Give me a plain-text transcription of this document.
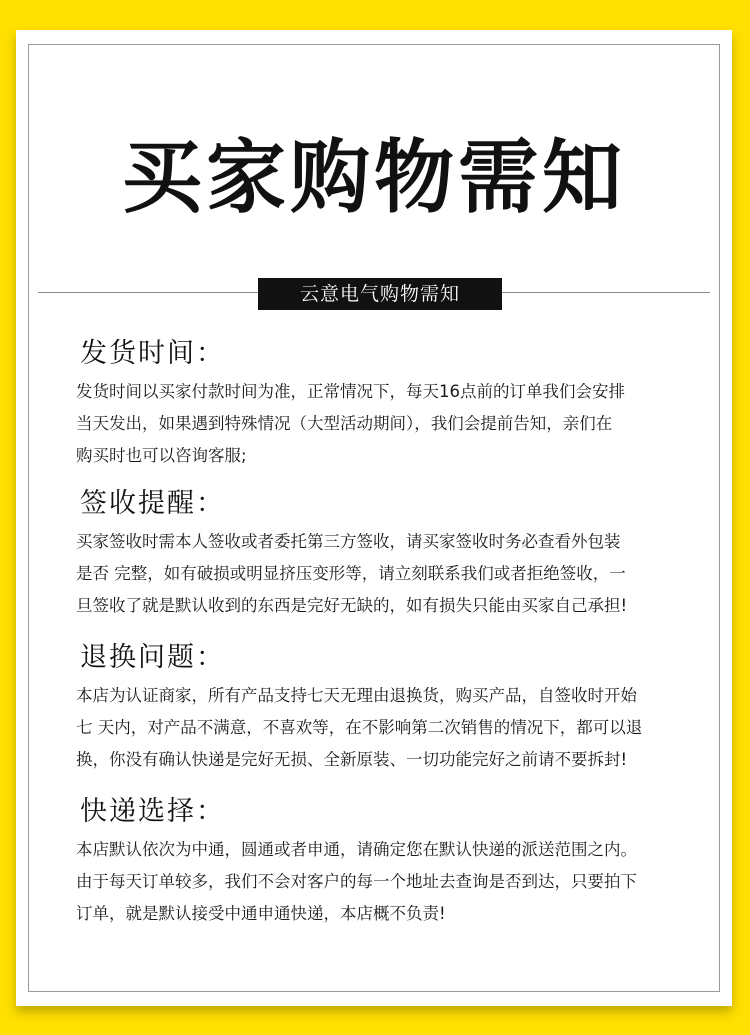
买家购物需知
云意电气购物需知
发货时间：
发货时间以买家付款时间为准，正常情况下，每天16点前的订单我们会安排
当天发出，如果遇到特殊情况（大型活动期间），我们会提前告知，亲们在
购买时也可以咨询客服;
签收提醒：
买家签收时需本人签收或者委托第三方签收，请买家签收时务必查看外包装
是否 完整，如有破损或明显挤压变形等，请立刻联系我们或者拒绝签收，一
旦签收了就是默认收到的东西是完好无缺的，如有损失只能由买家自己承担!
退换问题：
本店为认证商家，所有产品支持七天无理由退换货，购买产品，自签收时开始
七 天内，对产品不满意，不喜欢等，在不影响第二次销售的情况下，都可以退
换，你没有确认快递是完好无损、全新原装、一切功能完好之前请不要拆封!
快递选择：
本店默认依次为中通，圆通或者申通，请确定您在默认快递的派送范围之内。
由于每天订单较多，我们不会对客户的每一个地址去查询是否到达，只要拍下
订单，就是默认接受中通申通快递，本店概不负责!
